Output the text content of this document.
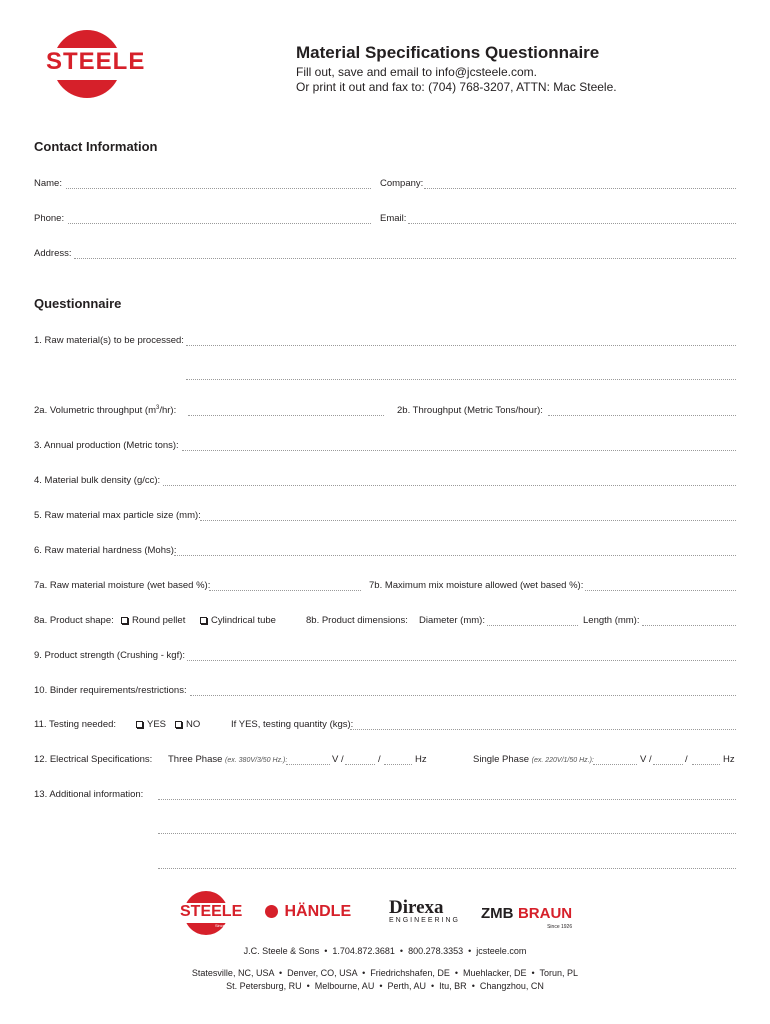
STEELE
Since 1889
Material Specifications Questionnaire
Fill out, save and email to info@jcsteele.com.
Or print it out and fax to: (704) 768-3207, ATTN: Mac Steele.
Contact Information
Name:	Company:
Phone:	Email:
Address:
Questionnaire
1. Raw material(s) to be processed:
2a. Volumetric throughput $(m^3/hr)$:	2b. Throughput (Metric Tons/hour):
3. Annual production (Metric tons):
4. Material bulk density (g/cc):
5. Raw material max particle size (mm):
6. Raw material hardness (Mohs):
7a. Raw material moisture (wet based %):	7b. Maximum mix moisture allowed (wet based %):
8a. Product shape:	Round pellet	Cylindrical tube	8b. Product dimensions: Diameter (mm):	Length (mm):
9. Product strength (Crushing - kgf):
10. Binder requirements/restrictions:
11. Testing needed:	YES	NO	If YES, testing quantity (kgs):
12. Electrical Specifications: Three Phase (ex. 380V/3/50 Hz.):	V /	/	Hz	Single Phase (ex. 220V/1/50 Hz.):	V /	/	Hz
13. Additional information:
STEELE
Since 1889
HÄNDLE Direxa
ENGINEERING ZMB BRAUN
Since 1926
J.C. Steele & Sons  •  1.704.872.3681  •  800.278.3353  •  jcsteele.com
Statesville, NC, USA  •  Denver, CO, USA  •  Friedrichshafen, DE  •  Muehlacker, DE  •  Torun, PL
St. Petersburg, RU  •  Melbourne, AU  •  Perth, AU  •  Itu, BR  •  Changzhou, CN
